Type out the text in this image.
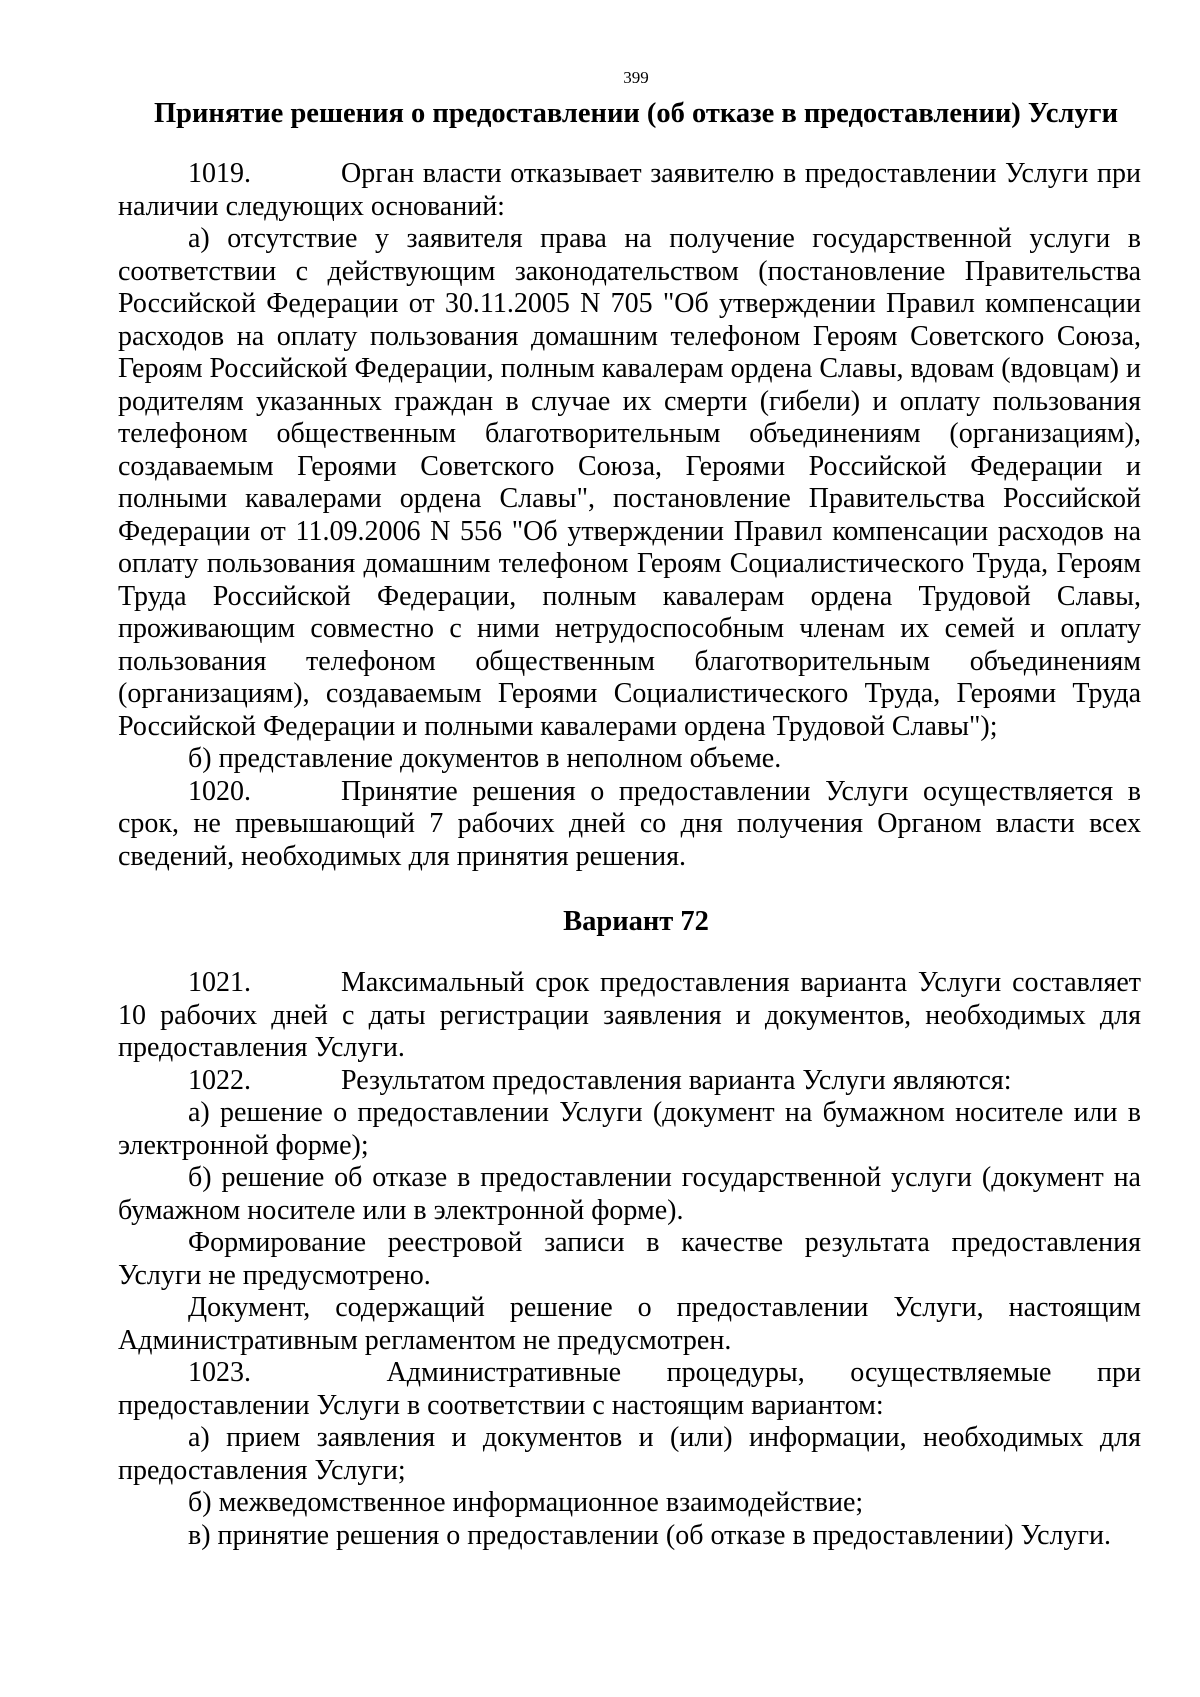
399
Принятие решения о предоставлении (об отказе в предоставлении) Услуги

1019.	Орган власти отказывает заявителю в предоставлении Услуги при наличии следующих оснований:

а) отсутствие у заявителя права на получение государственной услуги в соответствии с действующим законодательством (постановление Правительства Российской Федерации от 30.11.2005 N 705 "Об утверждении Правил компенсации расходов на оплату пользования домашним телефоном Героям Советского Союза, Героям Российской Федерации, полным кавалерам ордена Славы, вдовам (вдовцам) и родителям указанных граждан в случае их смерти (гибели) и оплату пользования телефоном общественным благотворительным объединениям (организациям), создаваемым Героями Советского Союза, Героями Российской Федерации и полными кавалерами ордена Славы", постановление Правительства Российской Федерации от 11.09.2006 N 556 "Об утверждении Правил компенсации расходов на оплату пользования домашним телефоном Героям Социалистического Труда, Героям Труда Российской Федерации, полным кавалерам ордена Трудовой Славы, проживающим совместно с ними нетрудоспособным членам их семей и оплату пользования телефоном общественным благотворительным объединениям (организациям), создаваемым Героями Социалистического Труда, Героями Труда Российской Федерации и полными кавалерами ордена Трудовой Славы");

б) представление документов в неполном объеме.

1020.	Принятие решения о предоставлении Услуги осуществляется в срок, не превышающий 7 рабочих дней со дня получения Органом власти всех сведений, необходимых для принятия решения.

Вариант 72

1021.	Максимальный срок предоставления варианта Услуги составляет 10 рабочих дней с даты регистрации заявления и документов, необходимых для предоставления Услуги.

1022.	Результатом предоставления варианта Услуги являются:

а) решение о предоставлении Услуги (документ на бумажном носителе или в электронной форме);

б) решение об отказе в предоставлении государственной услуги (документ на бумажном носителе или в электронной форме).

Формирование реестровой записи в качестве результата предоставления Услуги не предусмотрено.

Документ, содержащий решение о предоставлении Услуги, настоящим Административным регламентом не предусмотрен.

1023.	Административные процедуры, осуществляемые при

предоставлении Услуги в соответствии с настоящим вариантом:

а) прием заявления и документов и (или) информации, необходимых для предоставления Услуги;

б) межведомственное информационное взаимодействие;

в) принятие решения о предоставлении (об отказе в предоставлении) Услуги.
